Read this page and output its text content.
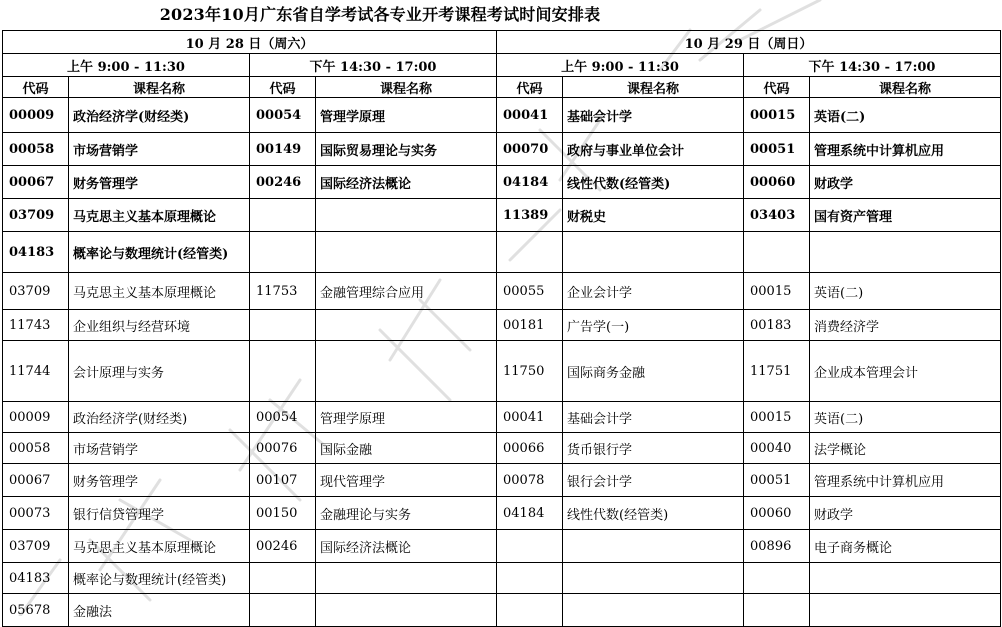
2023年10月广东省自学考试各专业开考课程考试时间安排表
10 月 28 日（周六）				10 月 29 日（周日）			
上午 9:00 - 11:30		下午 14:30 - 17:00		上午 9:00 - 11:30		下午 14:30 - 17:00	
代码	课程名称	代码	课程名称	代码	课程名称	代码	课程名称
00009	政治经济学(财经类)	00054	管理学原理	00041	基础会计学	00015	英语(二)
00058	市场营销学	00149	国际贸易理论与实务	00070	政府与事业单位会计	00051	管理系统中计算机应用
00067	财务管理学	00246	国际经济法概论	04184	线性代数(经管类)	00060	财政学
03709	马克思主义基本原理概论			11389	财税史	03403	国有资产管理
04183	概率论与数理统计(经管类)						
03709	马克思主义基本原理概论	11753	金融管理综合应用	00055	企业会计学	00015	英语(二)
11743	企业组织与经营环境			00181	广告学(一)	00183	消费经济学
11744	会计原理与实务			11750	国际商务金融	11751	企业成本管理会计
00009	政治经济学(财经类)	00054	管理学原理	00041	基础会计学	00015	英语(二)
00058	市场营销学	00076	国际金融	00066	货币银行学	00040	法学概论
00067	财务管理学	00107	现代管理学	00078	银行会计学	00051	管理系统中计算机应用
00073	银行信贷管理学	00150	金融理论与实务	04184	线性代数(经管类)	00060	财政学
03709	马克思主义基本原理概论	00246	国际经济法概论			00896	电子商务概论
04183	概率论与数理统计(经管类)						
05678	金融法						
